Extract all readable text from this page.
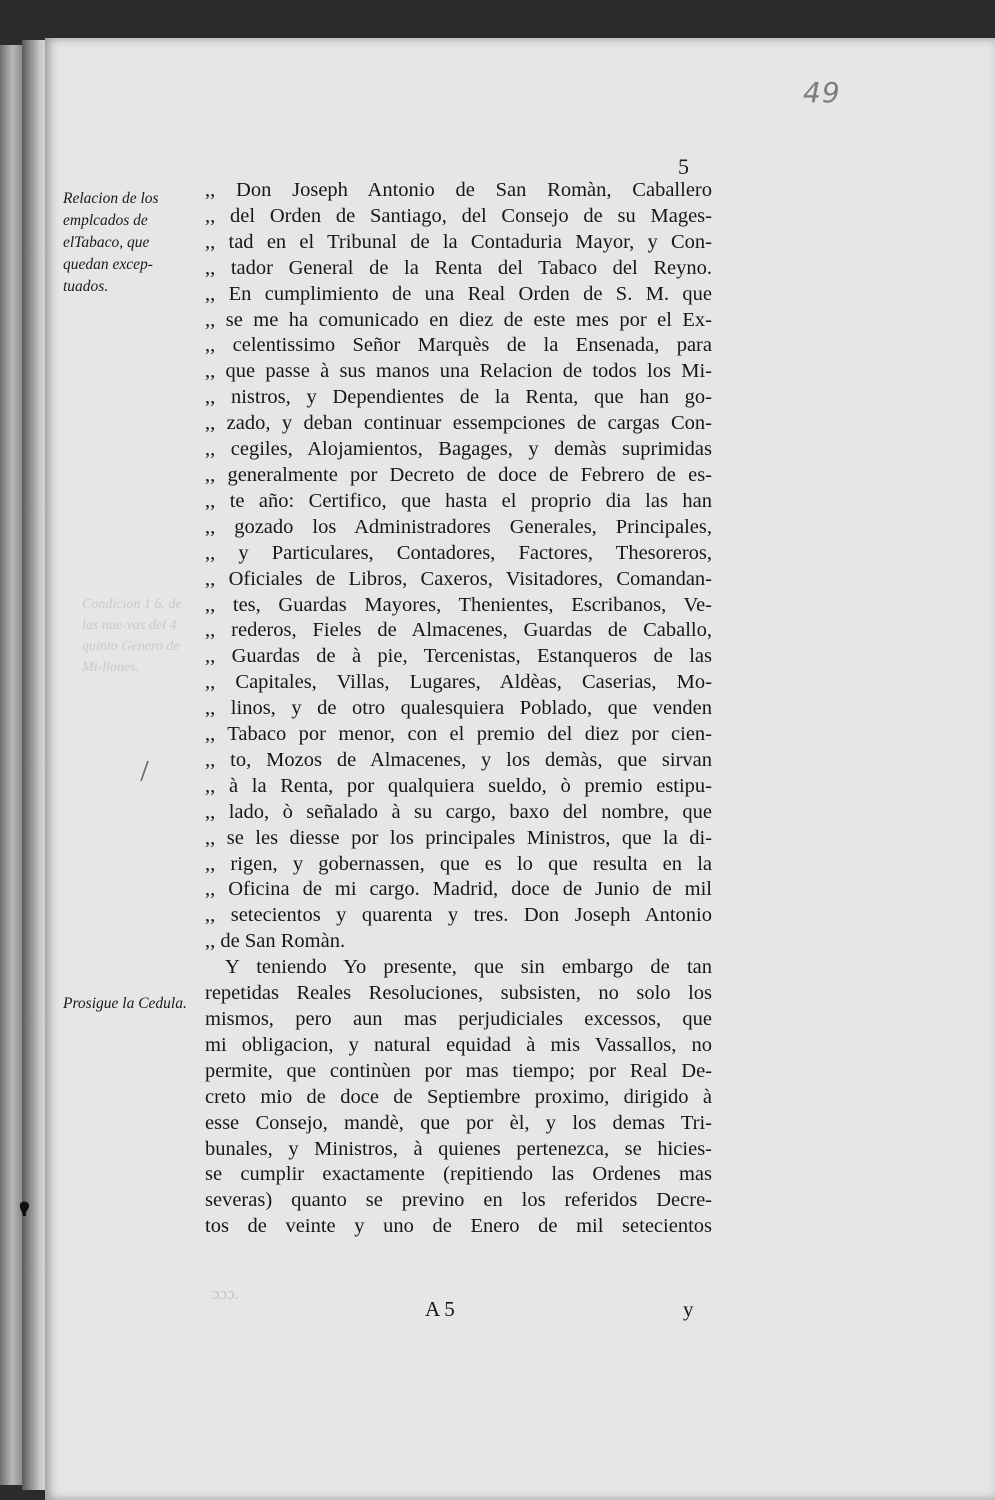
49
5
Relacion de los emplcados de elTabaco, que quedan excep-tuados.
Condicion 1 6. de las nue-vas del 4 quinto Genero de Mi-llones.
Prosigue la Cedula.
,, Don Joseph Antonio de San Romàn, Caballero
,, del Orden de Santiago, del Consejo de su Mages-
,, tad en el Tribunal de la Contaduria Mayor, y Con-
,, tador General de la Renta del Tabaco del Reyno.
,, En cumplimiento de una Real Orden de S. M. que
,, se me ha comunicado en diez de este mes por el Ex-
,, celentissimo Señor Marquès de la Ensenada, para
,, que passe à sus manos una Relacion de todos los Mi-
,, nistros, y Dependientes de la Renta, que han go-
,, zado, y deban continuar essempciones de cargas Con-
,, cegiles, Alojamientos, Bagages, y demàs suprimidas
,, generalmente por Decreto de doce de Febrero de es-
,, te año: Certifico, que hasta el proprio dia las han
,, gozado los Administradores Generales, Principales,
,, y Particulares, Contadores, Factores, Thesoreros,
,, Oficiales de Libros, Caxeros, Visitadores, Comandan-
,, tes, Guardas Mayores, Thenientes, Escribanos, Ve-
,, rederos, Fieles de Almacenes, Guardas de Caballo,
,, Guardas de à pie, Tercenistas, Estanqueros de las
,, Capitales, Villas, Lugares, Aldèas, Caserias, Mo-
,, linos, y de otro qualesquiera Poblado, que venden
,, Tabaco por menor, con el premio del diez por cien-
,, to, Mozos de Almacenes, y los demàs, que sirvan
,, à la Renta, por qualquiera sueldo, ò premio estipu-
,, lado, ò señalado à su cargo, baxo del nombre, que
,, se les diesse por los principales Ministros, que la di-
,, rigen, y gobernassen, que es lo que resulta en la
,, Oficina de mi cargo. Madrid, doce de Junio de mil
,, setecientos y quarenta y tres. Don Joseph Antonio
,, de San Romàn.
Y teniendo Yo presente, que sin embargo de tan
repetidas Reales Resoluciones, subsisten, no solo los
mismos, pero aun mas perjudiciales excessos, que
mi obligacion, y natural equidad à mis Vassallos, no
permite, que continùen por mas tiempo; por Real De-
creto mio de doce de Septiembre proximo, dirigido à
esse Consejo, mandè, que por èl, y los demas Tri-
bunales, y Ministros, à quienes pertenezca, se hicies-
se cumplir exactamente (repitiendo las Ordenes mas
severas) quanto se previno en los referidos Decre-
tos de veinte y uno de Enero de mil setecientos
ɔɔɔ.
A 5	y
